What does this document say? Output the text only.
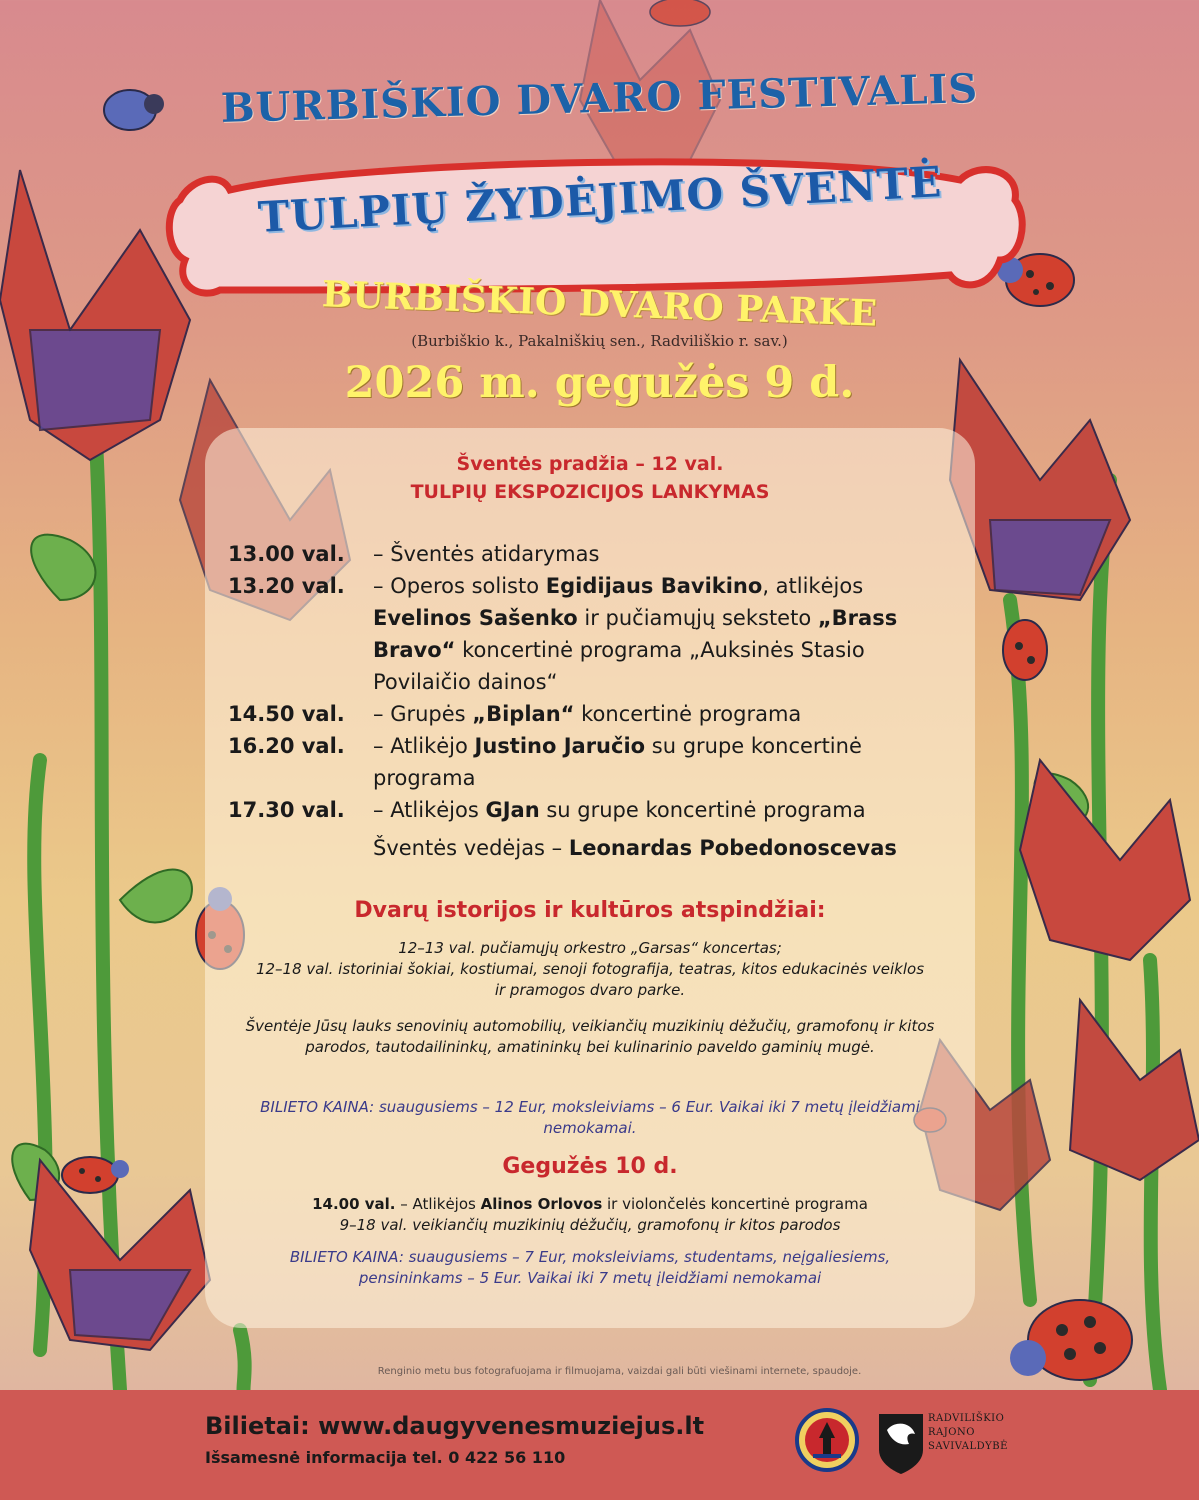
BURBIŠKIO DVARO FESTIVALIS
TULPIŲ ŽYDĖJIMO ŠVENTĖ
BURBIŠKIO DVARO PARKE
(Burbiškio k., Pakalniškių sen., Radviliškio r. sav.)
2026 m. gegužės 9 d.
Šventės pradžia – 12 val.
TULPIŲ EKSPOZICIJOS LANKYMAS
13.00 val.	– Šventės atidarymas
13.20 val.	– Operos solisto Egidijaus Bavikino, atlikėjos Evelinos Sašenko ir pučiamųjų seksteto „Brass Bravo“ koncertinė programa „Auksinės Stasio Povilaičio dainos“
14.50 val.	– Grupės „Biplan“ koncertinė programa
16.20 val.	– Atlikėjo Justino Jaručio su grupe koncertinė programa
17.30 val.	– Atlikėjos GJan su grupe koncertinė programa
Šventės vedėjas – Leonardas Pobedonoscevas
Dvarų istorijos ir kultūros atspindžiai:
12–13 val. pučiamųjų orkestro „Garsas“ koncertas;
12–18 val. istoriniai šokiai, kostiumai, senoji fotografija, teatras, kitos edukacinės veiklos ir pramogos dvaro parke.
Šventėje Jūsų lauks senovinių automobilių, veikiančių muzikinių dėžučių, gramofonų ir kitos parodos, tautodailininkų, amatininkų bei kulinarinio paveldo gaminių mugė.
BILIETO KAINA: suaugusiems – 12 Eur, moksleiviams – 6 Eur. Vaikai iki 7 metų įleidžiami nemokamai.
Gegužės 10 d.
14.00 val. – Atlikėjos Alinos Orlovos ir violončelės koncertinė programa
9–18 val. veikiančių muzikinių dėžučių, gramofonų ir kitos parodos
BILIETO KAINA: suaugusiems – 7 Eur, moksleiviams, studentams, neįgaliesiems, pensininkams – 5 Eur. Vaikai iki 7 metų įleidžiami nemokamai
Renginio metu bus fotografuojama ir filmuojama, vaizdai gali būti viešinami internete, spaudoje.
Bilietai: www.daugyvenesmuziejus.lt
Išsamesnė informacija tel. 0 422 56 110
RADVILIŠKIO
RAJONO
SAVIVALDYBĖ
